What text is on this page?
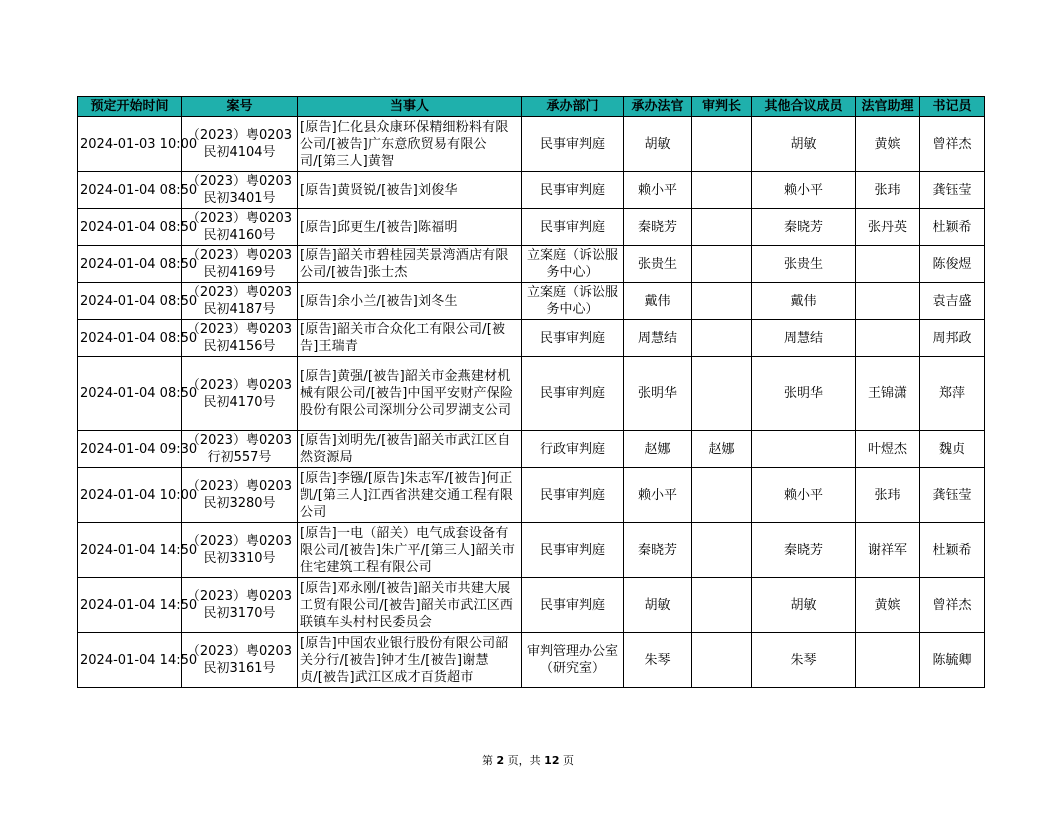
预定开始时间	案号	当事人	承办部门	承办法官	审判长	其他合议成员	法官助理	书记员
2024-01-03 10:00	（2023）粤0203民初4104号	[原告]仁化县众康环保精细粉料有限公司/[被告]广东意欣贸易有限公司/[第三人]黄智	民事审判庭	胡敏		胡敏	黄嫔	曾祥杰
2024-01-04 08:50	（2023）粤0203民初3401号	[原告]黄贤锐/[被告]刘俊华	民事审判庭	赖小平		赖小平	张玮	龚钰莹
2024-01-04 08:50	（2023）粤0203民初4160号	[原告]邱更生/[被告]陈福明	民事审判庭	秦晓芳		秦晓芳	张丹英	杜颖希
2024-01-04 08:50	（2023）粤0203民初4169号	[原告]韶关市碧桂园芙景湾酒店有限公司/[被告]张士杰	立案庭（诉讼服务中心）	张贵生		张贵生		陈俊煜
2024-01-04 08:50	（2023）粤0203民初4187号	[原告]余小兰/[被告]刘冬生	立案庭（诉讼服务中心）	戴伟		戴伟		袁吉盛
2024-01-04 08:50	（2023）粤0203民初4156号	[原告]韶关市合众化工有限公司/[被告]王瑞青	民事审判庭	周慧结		周慧结		周邦政
2024-01-04 08:50	（2023）粤0203民初4170号	[原告]黄强/[被告]韶关市金燕建材机械有限公司/[被告]中国平安财产保险股份有限公司深圳分公司罗湖支公司	民事审判庭	张明华		张明华	王锦潇	郑萍
2024-01-04 09:30	（2023）粤0203行初557号	[原告]刘明先/[被告]韶关市武江区自然资源局	行政审判庭	赵娜	赵娜		叶煜杰	魏贞
2024-01-04 10:00	（2023）粤0203民初3280号	[原告]李镪/[原告]朱志军/[被告]何正凯/[第三人]江西省洪建交通工程有限公司	民事审判庭	赖小平		赖小平	张玮	龚钰莹
2024-01-04 14:50	（2023）粤0203民初3310号	[原告]一电（韶关）电气成套设备有限公司/[被告]朱广平/[第三人]韶关市住宅建筑工程有限公司	民事审判庭	秦晓芳		秦晓芳	谢祥军	杜颖希
2024-01-04 14:50	（2023）粤0203民初3170号	[原告]邓永刚/[被告]韶关市共建大展工贸有限公司/[被告]韶关市武江区西联镇车头村村民委员会	民事审判庭	胡敏		胡敏	黄嫔	曾祥杰
2024-01-04 14:50	（2023）粤0203民初3161号	[原告]中国农业银行股份有限公司韶关分行/[被告]钟才生/[被告]谢慧贞/[被告]武江区成才百货超市	审判管理办公室（研究室）	朱琴		朱琴		陈毓卿
第 2 页，共 12 页
